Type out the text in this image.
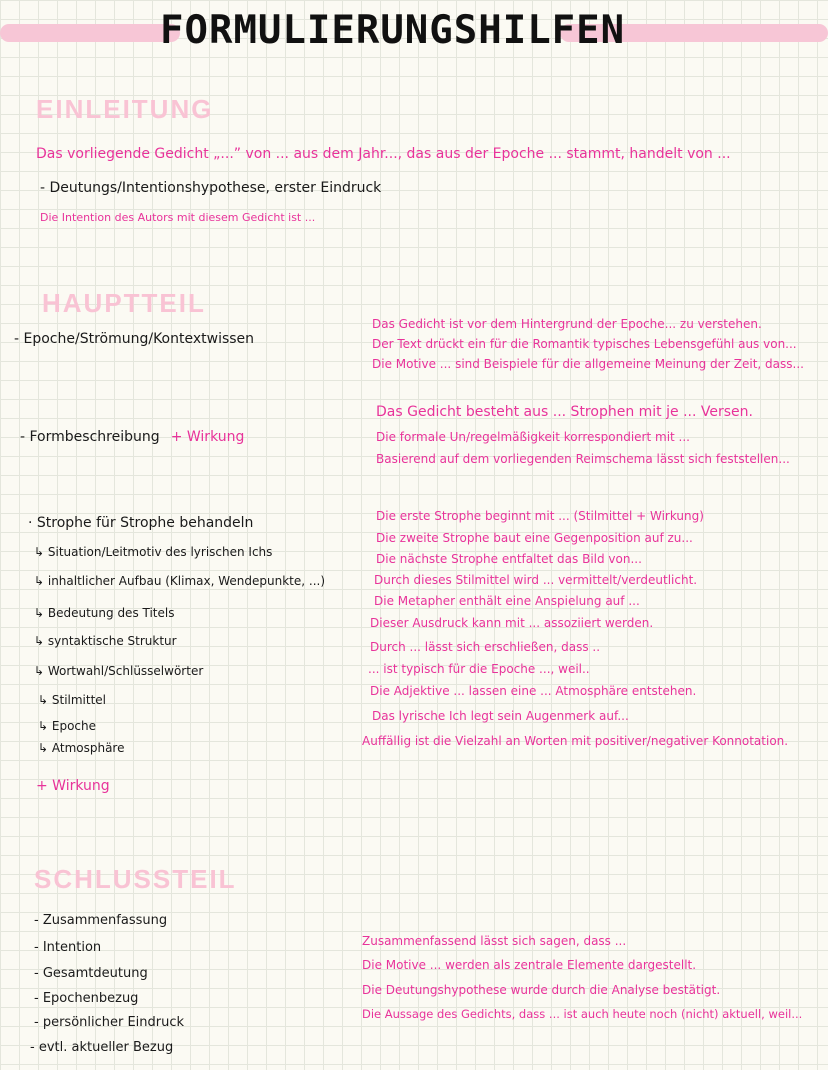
FORMULIERUNGSHILFEN
EINLEITUNG
Das vorliegende Gedicht „...” von ... aus dem Jahr..., das aus der Epoche ... stammt, handelt von ...
- Deutungs/Intentionshypothese, erster Eindruck
Die Intention des Autors mit diesem Gedicht ist ...
HAUPTTEIL
- Epoche/Strömung/Kontextwissen
Das Gedicht ist vor dem Hintergrund der Epoche... zu verstehen.
Der Text drückt ein für die Romantik typisches Lebensgefühl aus von...
Die Motive ... sind Beispiele für die allgemeine Meinung der Zeit, dass...
- Formbeschreibung + Wirkung
Das Gedicht besteht aus ... Strophen mit je ... Versen.
Die formale Un/regelmäßigkeit korrespondiert mit ...
Basierend auf dem vorliegenden Reimschema lässt sich feststellen...
· Strophe für Strophe behandeln
↳ Situation/Leitmotiv des lyrischen Ichs
↳ inhaltlicher Aufbau (Klimax, Wendepunkte, ...)
↳ Bedeutung des Titels
↳ syntaktische Struktur
↳ Wortwahl/Schlüsselwörter
↳ Stilmittel
↳ Epoche
↳ Atmosphäre
+ Wirkung
Die erste Strophe beginnt mit ... (Stilmittel + Wirkung)
Die zweite Strophe baut eine Gegenposition auf zu...
Die nächste Strophe entfaltet das Bild von...
Durch dieses Stilmittel wird ... vermittelt/verdeutlicht.
Die Metapher enthält eine Anspielung auf ...
Dieser Ausdruck kann mit ... assoziiert werden.
Durch ... lässt sich erschließen, dass ..
... ist typisch für die Epoche ..., weil..
Die Adjektive ... lassen eine ... Atmosphäre entstehen.
Das lyrische Ich legt sein Augenmerk auf...
Auffällig ist die Vielzahl an Worten mit positiver/negativer Konnotation.
SCHLUSSTEIL
- Zusammenfassung
- Intention
- Gesamtdeutung
- Epochenbezug
- persönlicher Eindruck
- evtl. aktueller Bezug
Zusammenfassend lässt sich sagen, dass ...
Die Motive ... werden als zentrale Elemente dargestellt.
Die Deutungshypothese wurde durch die Analyse bestätigt.
Die Aussage des Gedichts, dass ... ist auch heute noch (nicht) aktuell, weil...
